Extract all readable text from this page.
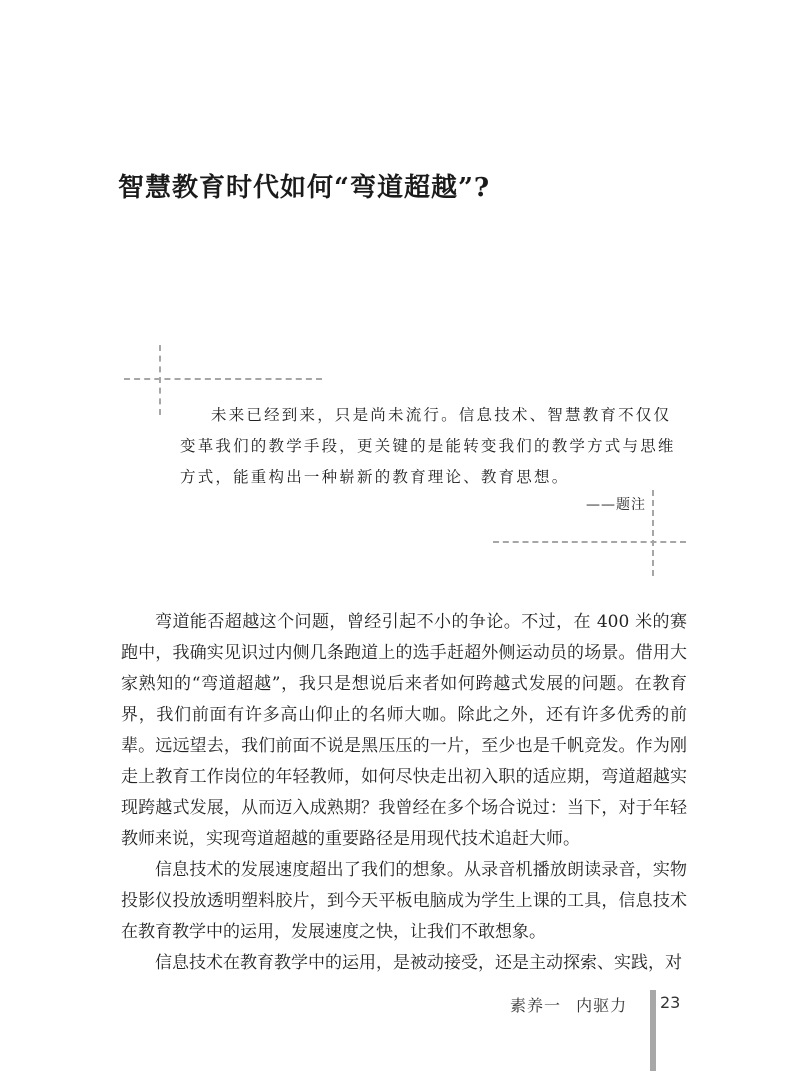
智慧教育时代如何“弯道超越”?

未来已经到来，只是尚未流行。信息技术、智慧教育不仅仅变革我们的教学手段，更关键的是能转变我们的教学方式与思维方式，能重构出一种崭新的教育理论、教育思想。

——题注

弯道能否超越这个问题，曾经引起不小的争论。不过，在 400 米的赛跑中，我确实见识过内侧几条跑道上的选手赶超外侧运动员的场景。借用大家熟知的“弯道超越”，我只是想说后来者如何跨越式发展的问题。在教育界，我们前面有许多高山仰止的名师大咖。除此之外，还有许多优秀的前辈。远远望去，我们前面不说是黑压压的一片，至少也是千帆竞发。作为刚走上教育工作岗位的年轻教师，如何尽快走出初入职的适应期，弯道超越实现跨越式发展，从而迈入成熟期？我曾经在多个场合说过：当下，对于年轻教师来说，实现弯道超越的重要路径是用现代技术追赶大师。

信息技术的发展速度超出了我们的想象。从录音机播放朗读录音，实物投影仪投放透明塑料胶片，到今天平板电脑成为学生上课的工具，信息技术在教育教学中的运用，发展速度之快，让我们不敢想象。

信息技术在教育教学中的运用，是被动接受，还是主动探索、实践，对

素养一 内驱力 23
